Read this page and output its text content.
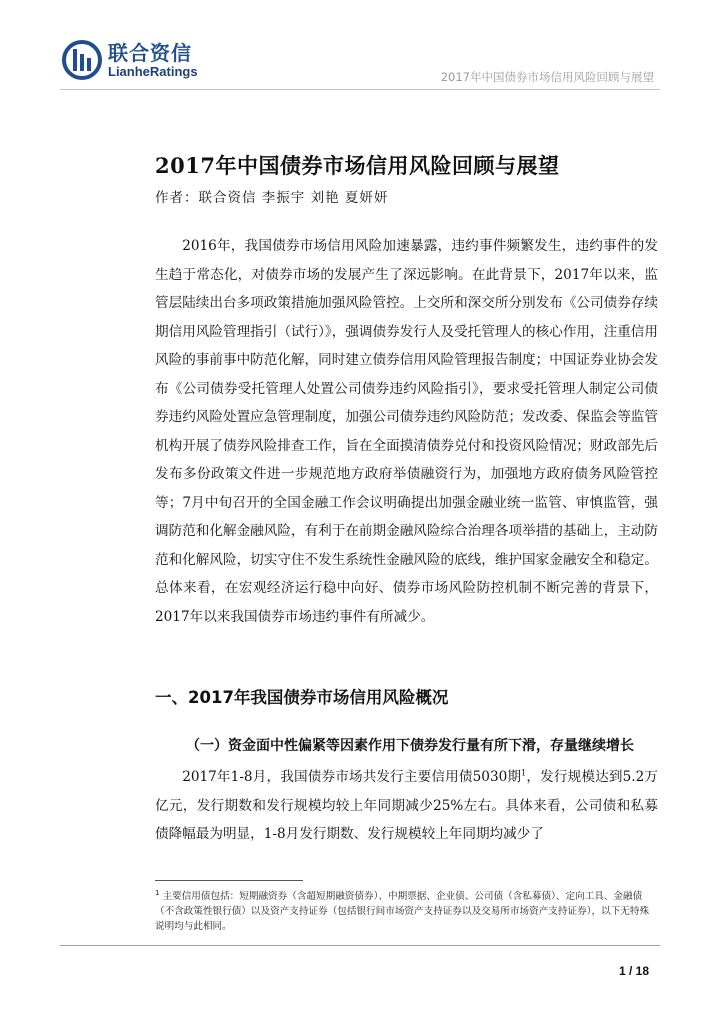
联合资信
LianheRatings	2017年中国债券市场信用风险回顾与展望
2017年中国债券市场信用风险回顾与展望
作者：联合资信 李振宇 刘艳 夏妍妍

2016年，我国债券市场信用风险加速暴露，违约事件频繁发生，违约事件的发生趋于常态化，对债券市场的发展产生了深远影响。在此背景下，2017年以来，监管层陆续出台多项政策措施加强风险管控。上交所和深交所分别发布《公司债券存续期信用风险管理指引（试行）》，强调债券发行人及受托管理人的核心作用，注重信用风险的事前事中防范化解，同时建立债券信用风险管理报告制度；中国证券业协会发布《公司债券受托管理人处置公司债券违约风险指引》，要求受托管理人制定公司债券违约风险处置应急管理制度，加强公司债券违约风险防范；发改委、保监会等监管机构开展了债券风险排查工作，旨在全面摸清债券兑付和投资风险情况；财政部先后发布多份政策文件进一步规范地方政府举债融资行为，加强地方政府债务风险管控等；7月中旬召开的全国金融工作会议明确提出加强金融业统一监管、审慎监管，强调防范和化解金融风险，有利于在前期金融风险综合治理各项举措的基础上，主动防范和化解风险，切实守住不发生系统性金融风险的底线，维护国家金融安全和稳定。总体来看，在宏观经济运行稳中向好、债券市场风险防控机制不断完善的背景下，2017年以来我国债券市场违约事件有所减少。

一、2017年我国债券市场信用风险概况
（一）资金面中性偏紧等因素作用下债券发行量有所下滑，存量继续增长

2017年1-8月，我国债券市场共发行主要信用债5030期$^1$，发行规模达到5.2万亿元，发行期数和发行规模均较上年同期减少25%左右。具体来看，公司债和私募债降幅最为明显，1-8月发行期数、发行规模较上年同期均减少了

$^1$ 主要信用债包括：短期融资券（含超短期融资债券）、中期票据、企业债、公司债（含私募债）、定向工具、金融债（不含政策性银行债）以及资产支持证券（包括银行间市场资产支持证券以及交易所市场资产支持证券），以下无特殊说明均与此相同。
1 / 18
